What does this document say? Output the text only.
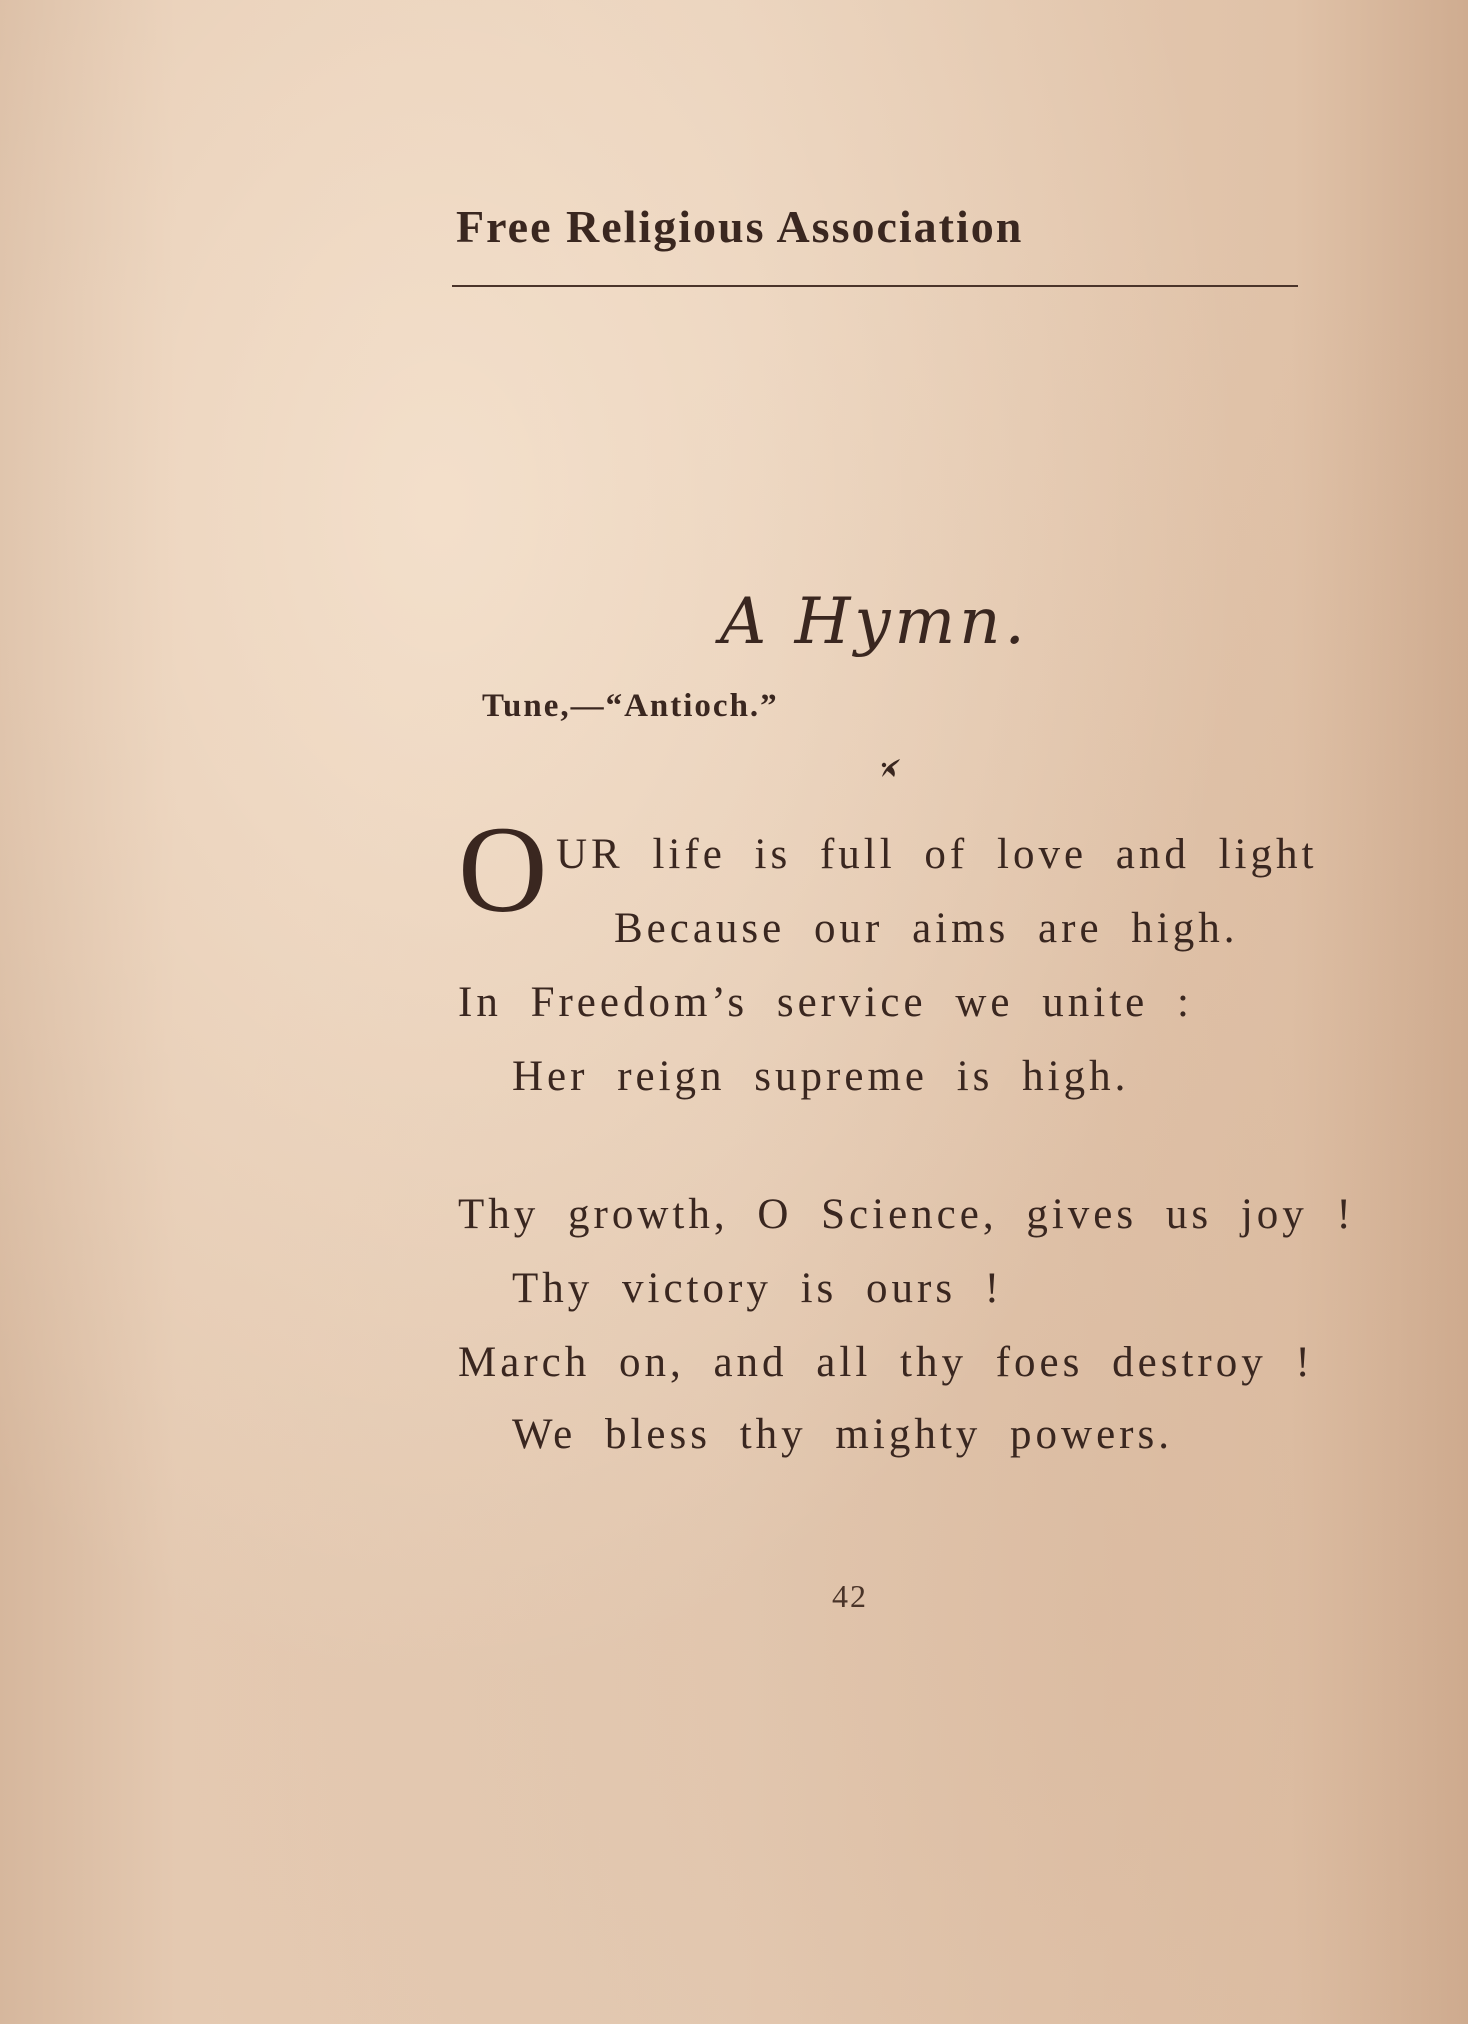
Free Religious Association
A Hymn.
Tune,—“Antioch.”
O UR life is full of love and light
Because our aims are high.
In Freedom’s service we unite :
Her reign supreme is high.
Thy growth, O Science, gives us joy !
Thy victory is ours !
March on, and all thy foes destroy !
We bless thy mighty powers.
42
